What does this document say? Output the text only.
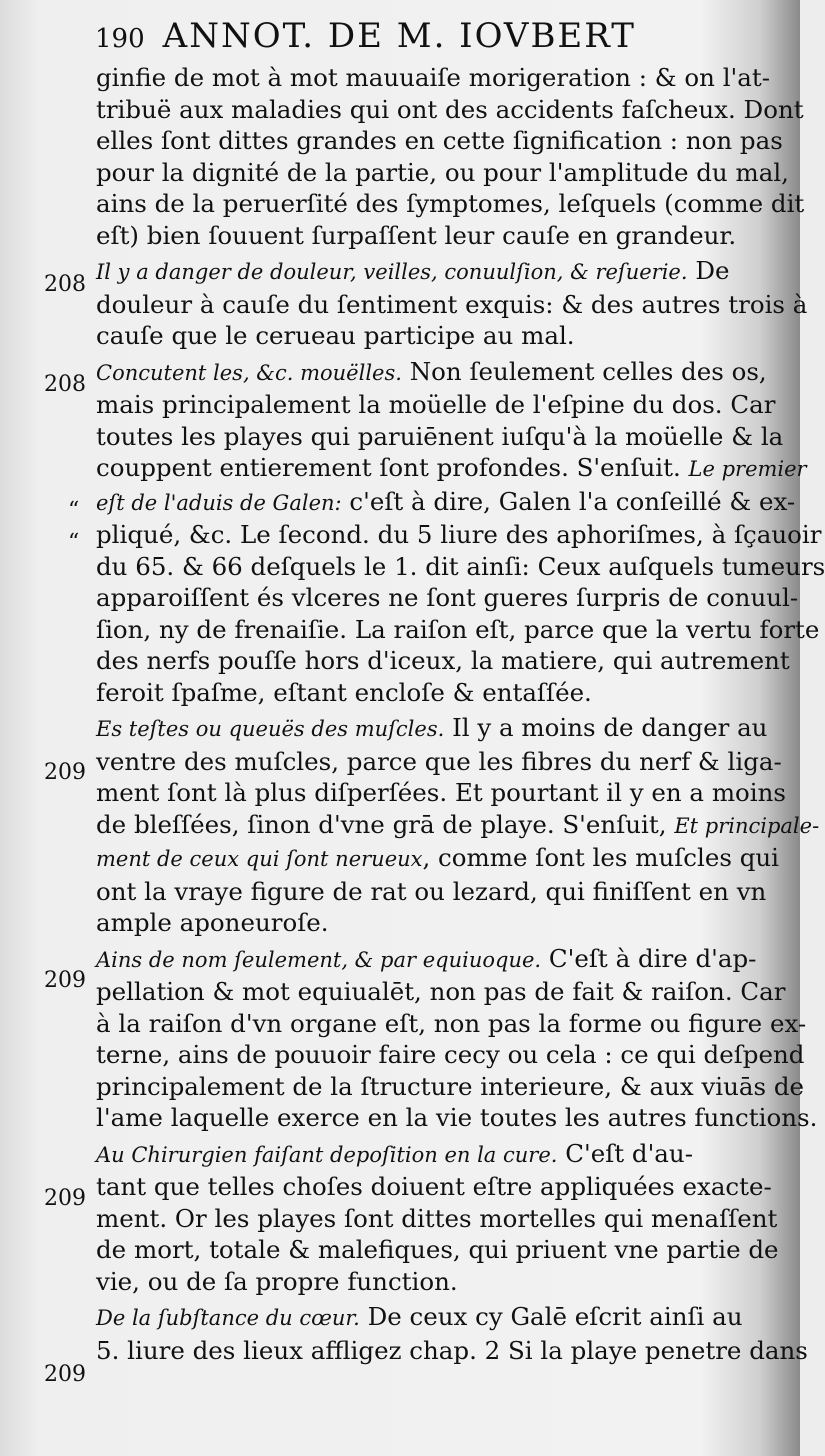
190 ANNOT. DE M. IOVBERT
208
208
209
209
209
209
“
“
ginfie de mot à mot mauuaiſe morigeration : & on l'at-
tribuë aux maladies qui ont des accidents faſcheux. Dont
elles ſont dittes grandes en cette ſignification : non pas
pour la dignité de la partie, ou pour l'amplitude du mal,
ains de la peruerſité des ſymptomes, leſquels (comme dit
eſt) bien ſouuent ſurpaſſent leur cauſe en grandeur.
Il y a danger de douleur, veilles, conuulſion, & reſuerie. De
douleur à cauſe du ſentiment exquis: & des autres trois à
cauſe que le cerueau participe au mal.
Concutent les, &c. mouëlles. Non ſeulement celles des os,
mais principalement la moüelle de l'eſpine du dos. Car
toutes les playes qui paruiēnent iuſqu'à la moüelle & la
couppent entierement ſont profondes. S'enſuit. Le premier
eſt de l'aduis de Galen: c'eſt à dire, Galen l'a conſeillé & ex-
pliqué, &c. Le ſecond. du 5 liure des aphoriſmes, à ſçauoir
du 65. & 66 deſquels le 1. dit ainſi: Ceux auſquels tumeurs
apparoiſſent és vlceres ne ſont gueres ſurpris de conuul-
ſion, ny de frenaiſie. La raiſon eſt, parce que la vertu forte
des nerfs pouſſe hors d'iceux, la matiere, qui autrement
feroit ſpaſme, eſtant encloſe & entaſſée.
Es teſtes ou queuës des muſcles. Il y a moins de danger au
ventre des muſcles, parce que les fibres du nerf & liga-
ment ſont là plus diſperſées. Et pourtant il y en a moins
de bleſſées, ſinon d'vne grā de playe. S'enſuit, Et principale-
ment de ceux qui ſont nerueux, comme ſont les muſcles qui
ont la vraye figure de rat ou lezard, qui finiſſent en vn
ample aponeuroſe.
Ains de nom ſeulement, & par equiuoque. C'eſt à dire d'ap-
pellation & mot equiualēt, non pas de fait & raiſon. Car
à la raiſon d'vn organe eſt, non pas la forme ou figure ex-
terne, ains de pouuoir faire cecy ou cela : ce qui deſpend
principalement de la ſtructure interieure, & aux viuās de
l'ame laquelle exerce en la vie toutes les autres functions.
Au Chirurgien faiſant depoſition en la cure. C'eſt d'au-
tant que telles choſes doiuent eſtre appliquées exacte-
ment. Or les playes ſont dittes mortelles qui menaſſent
de mort, totale & malefiques, qui priuent vne partie de
vie, ou de ſa propre function.
De la ſubſtance du cœur. De ceux cy Galē eſcrit ainſi au
5. liure des lieux affligez chap. 2 Si la playe penetre dans
